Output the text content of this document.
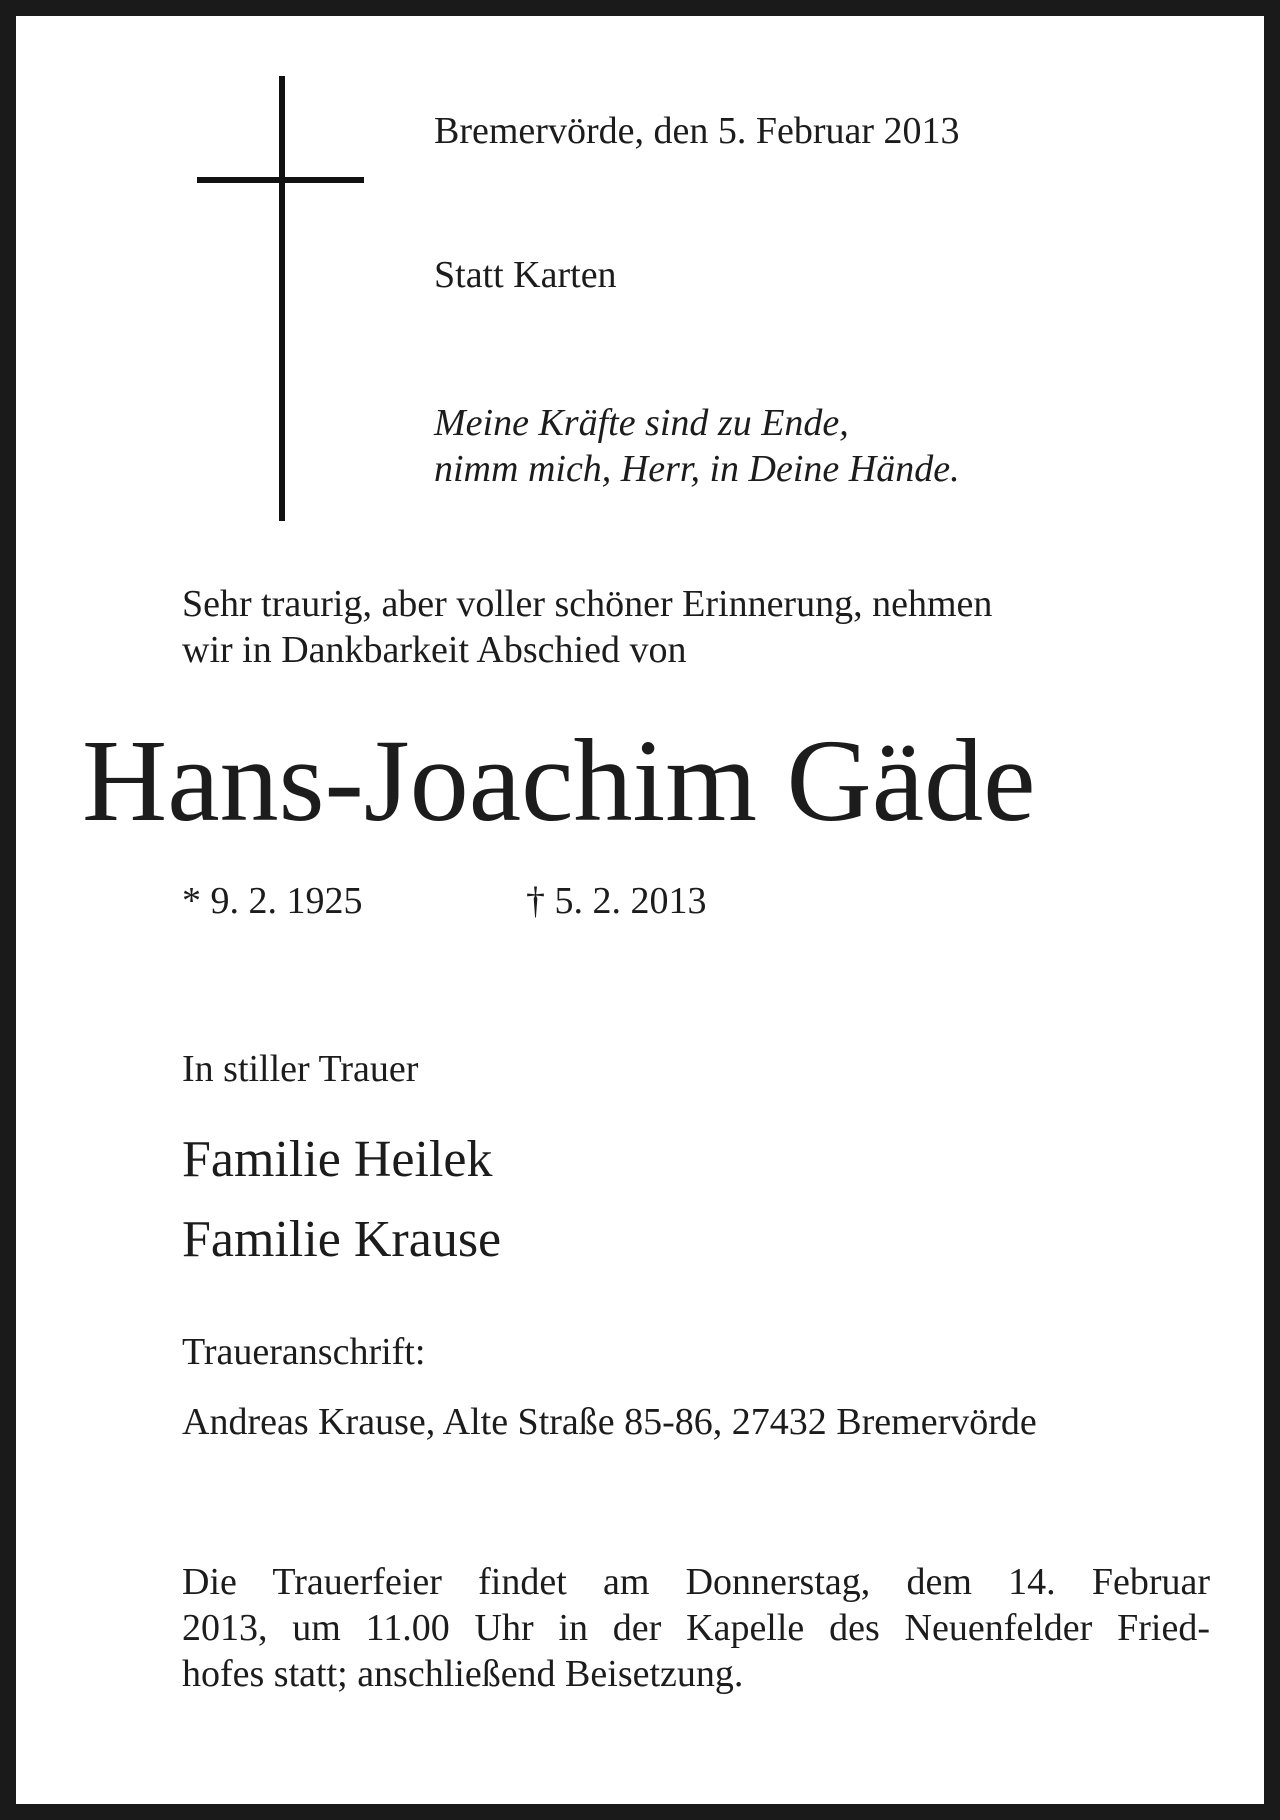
Bremervörde, den 5. Februar 2013

Statt Karten

Meine Kräfte sind zu Ende,
nimm mich, Herr, in Deine Hände.

Sehr traurig, aber voller schöner Erinnerung, nehmen
wir in Dankbarkeit Abschied von

Hans-Joachim Gäde

* 9. 2. 1925	† 5. 2. 2013

In stiller Trauer

Familie Heilek

Familie Krause

Traueranschrift:

Andreas Krause, Alte Straße 85-86, 27432 Bremervörde

Die Trauerfeier findet am Donnerstag, dem 14. Februar
2013, um 11.00 Uhr in der Kapelle des Neuenfelder Fried-
hofes statt; anschließend Beisetzung.
